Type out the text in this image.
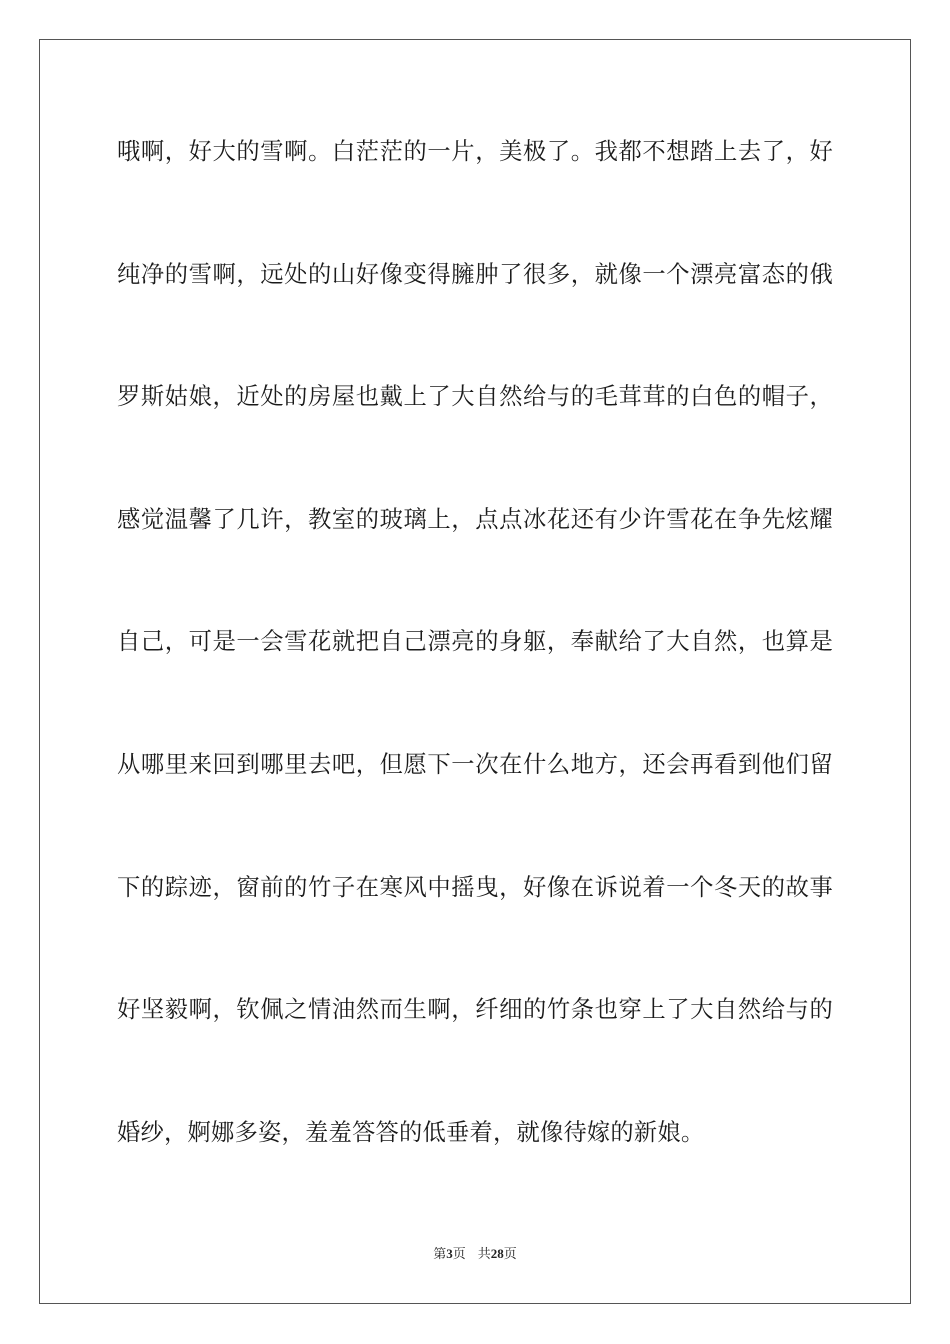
哦啊，好大的雪啊。白茫茫的一片，美极了。我都不想踏上去了，好
纯净的雪啊，远处的山好像变得臃肿了很多，就像一个漂亮富态的俄
罗斯姑娘，近处的房屋也戴上了大自然给与的毛茸茸的白色的帽子，
感觉温馨了几许，教室的玻璃上，点点冰花还有少许雪花在争先炫耀
自己，可是一会雪花就把自己漂亮的身躯，奉献给了大自然，也算是
从哪里来回到哪里去吧，但愿下一次在什么地方，还会再看到他们留
下的踪迹，窗前的竹子在寒风中摇曳，好像在诉说着一个冬天的故事
好坚毅啊，钦佩之情油然而生啊，纤细的竹条也穿上了大自然给与的
婚纱，婀娜多姿，羞羞答答的低垂着，就像待嫁的新娘。
第3页 共28页
